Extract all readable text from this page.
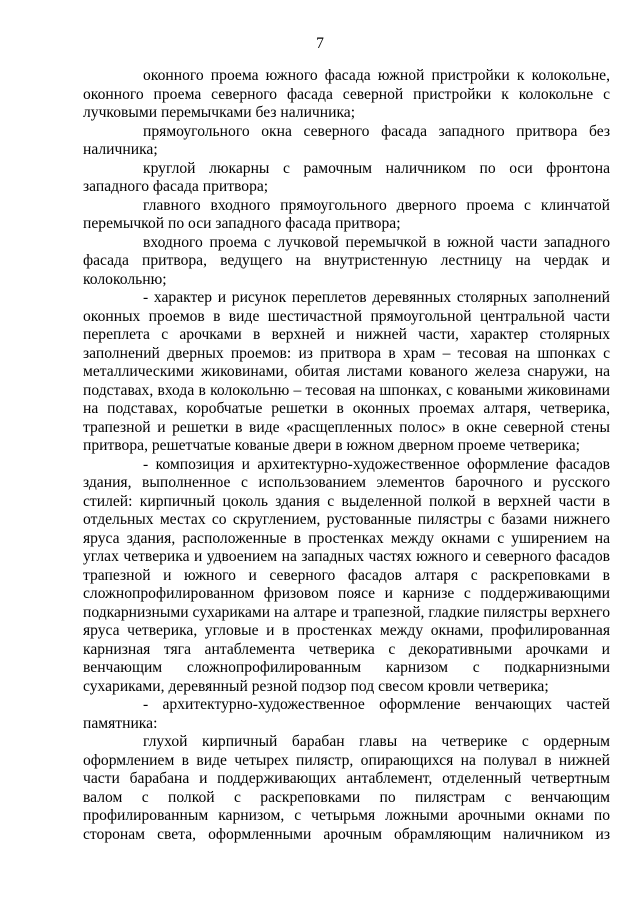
7

оконного проема южного фасада южной пристройки к колокольне, оконного проема северного фасада северной пристройки к колокольне с лучковыми перемычками без наличника;

прямоугольного окна северного фасада западного притвора без наличника;

круглой люкарны с рамочным наличником по оси фронтона западного фасада притвора;

главного входного прямоугольного дверного проема с клинчатой перемычкой по оси западного фасада притвора;

входного проема с лучковой перемычкой в южной части западного фасада притвора, ведущего на внутристенную лестницу на чердак и колокольню;

- характер и рисунок переплетов деревянных столярных заполнений оконных проемов в виде шестичастной прямоугольной центральной части переплета с арочками в верхней и нижней части, характер столярных заполнений дверных проемов: из притвора в храм – тесовая на шпонках с металлическими жиковинами, обитая листами кованого железа снаружи, на подставах, входа в колокольню – тесовая на шпонках, с коваными жиковинами на подставах, коробчатые решетки в оконных проемах алтаря, четверика, трапезной и решетки в виде «расщепленных полос» в окне северной стены притвора, решетчатые кованые двери в южном дверном проеме четверика;

- композиция и архитектурно-художественное оформление фасадов здания, выполненное с использованием элементов барочного и русского стилей: кирпичный цоколь здания с выделенной полкой в верхней части в отдельных местах со скруглением, рустованные пилястры с базами нижнего яруса здания, расположенные в простенках между окнами с уширением на углах четверика и удвоением на западных частях южного и северного фасадов трапезной и южного и северного фасадов алтаря с раскреповками в сложнопрофилированном фризовом поясе и карнизе с поддерживающими подкарнизными сухариками на алтаре и трапезной, гладкие пилястры верхнего яруса четверика, угловые и в простенках между окнами, профилированная карнизная тяга антаблемента четверика с декоративными арочками и венчающим сложнопрофилированным карнизом с подкарнизными сухариками, деревянный резной подзор под свесом кровли четверика;

- архитектурно-художественное оформление венчающих частей памятника:

глухой кирпичный барабан главы на четверике с ордерным оформлением в виде четырех пилястр, опирающихся на полувал в нижней части барабана и поддерживающих антаблемент, отделенный четвертным валом с полкой с раскреповками по пилястрам с венчающим профилированным карнизом, с четырьмя ложными арочными окнами по сторонам света, оформленными арочным обрамляющим наличником из
